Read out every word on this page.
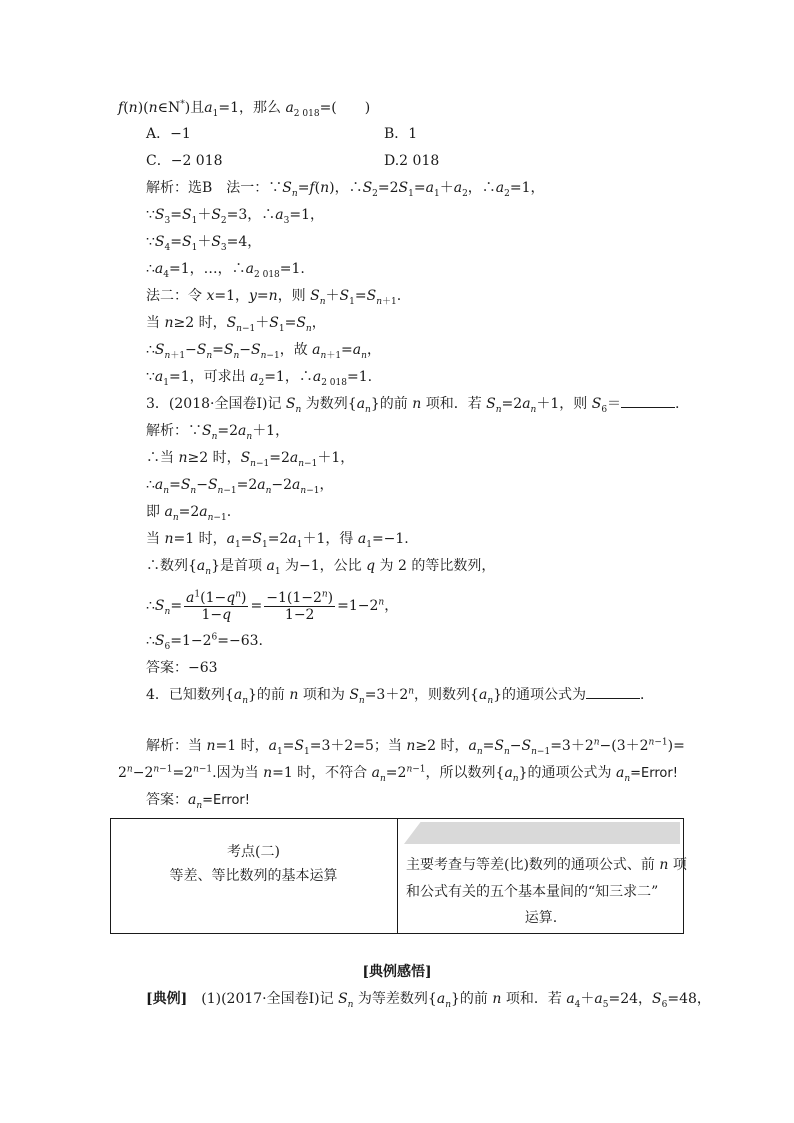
f(n)(n∈N*)且$a_1=1$，那么 $a_{2 018}=$(　　)
A．−1	B．1
C．−2 018	D.2 018
解析：选B　法一：$\because S_n=f(n)$，$\therefore S_2=2S_1=a_1+a_2$，$\therefore a_2=1$，
$\because S_3=S_1+S_2=3$，$\therefore a_3=1$，
$\because S_4=S_1+S_3=4$，
$\therefore a_4=1$，…，$\therefore a_{2 018}=1$.
法二：令 x=1，y=n，则 $S_n+S_1=S_{n+1}$.
当 n≥2 时，$S_{n-1}+S_1=S_n$，
$\therefore S_{n+1}-S_n=S_n-S_{n-1}$，故 $a_{n+1}=a_n$，
$\because a_1=1$，可求出 $a_2=1$，$\therefore a_{2 018}=1$.
3．(2018·全国卷Ⅰ)记 $S_n$ 为数列$\{a_n\}$的前 n 项和．若 $S_n=2a_n+1$，则 $S_6=$	.
解析：$\because S_n=2a_n+1$，
∴当 n≥2 时，$S_{n-1}=2a_{n-1}+1$，
$\therefore a_n=S_n-S_{n-1}=2a_n-2a_{n-1}$，
即 $a_n=2a_{n-1}$.
当 n=1 时，$a_1=S_1=2a_1+1$，得 $a_1=-1$.
∴数列$\{a_n\}$是首项 $a_1$ 为−1，公比 q 为 2 的等比数列，
$\therefore S_n= \frac{a^1(1-q^n)}{1-q} = \frac{-1(1-2^n)}{1-2} =1-2^n$，
$\therefore S_6=1-2^6=-63$.
答案：−63
4．已知数列$\{a_n\}$的前 n 项和为 $S_n=3+2^n$，则数列$\{a_n\}$的通项公式为	．
解析：当 n=1 时，$a_1=S_1=3+2=5$；当 n≥2 时，$a_n=S_n-S_{n-1}=3+2^n-(3+2^{n-1})=$
$2^n-2^{n-1}=2^{n-1}$.因为当 n=1 时，不符合 $a_n=2^{n-1}$，所以数列$\{a_n\}$的通项公式为 $a_n=Error$!
答案：$a_n=Error$!
考点(二)
等差、等比数列的基本运算
主要考查与等差(比)数列的通项公式、前 n 项
和公式有关的五个基本量间的“知三求二”
运算.
[典例感悟]
[典例]　 (1)(2017·全国卷Ⅰ)记 $S_n$ 为等差数列$\{a_n\}$的前 n 项和．若 $a_4+a_5=24$，$S_6=48$，
